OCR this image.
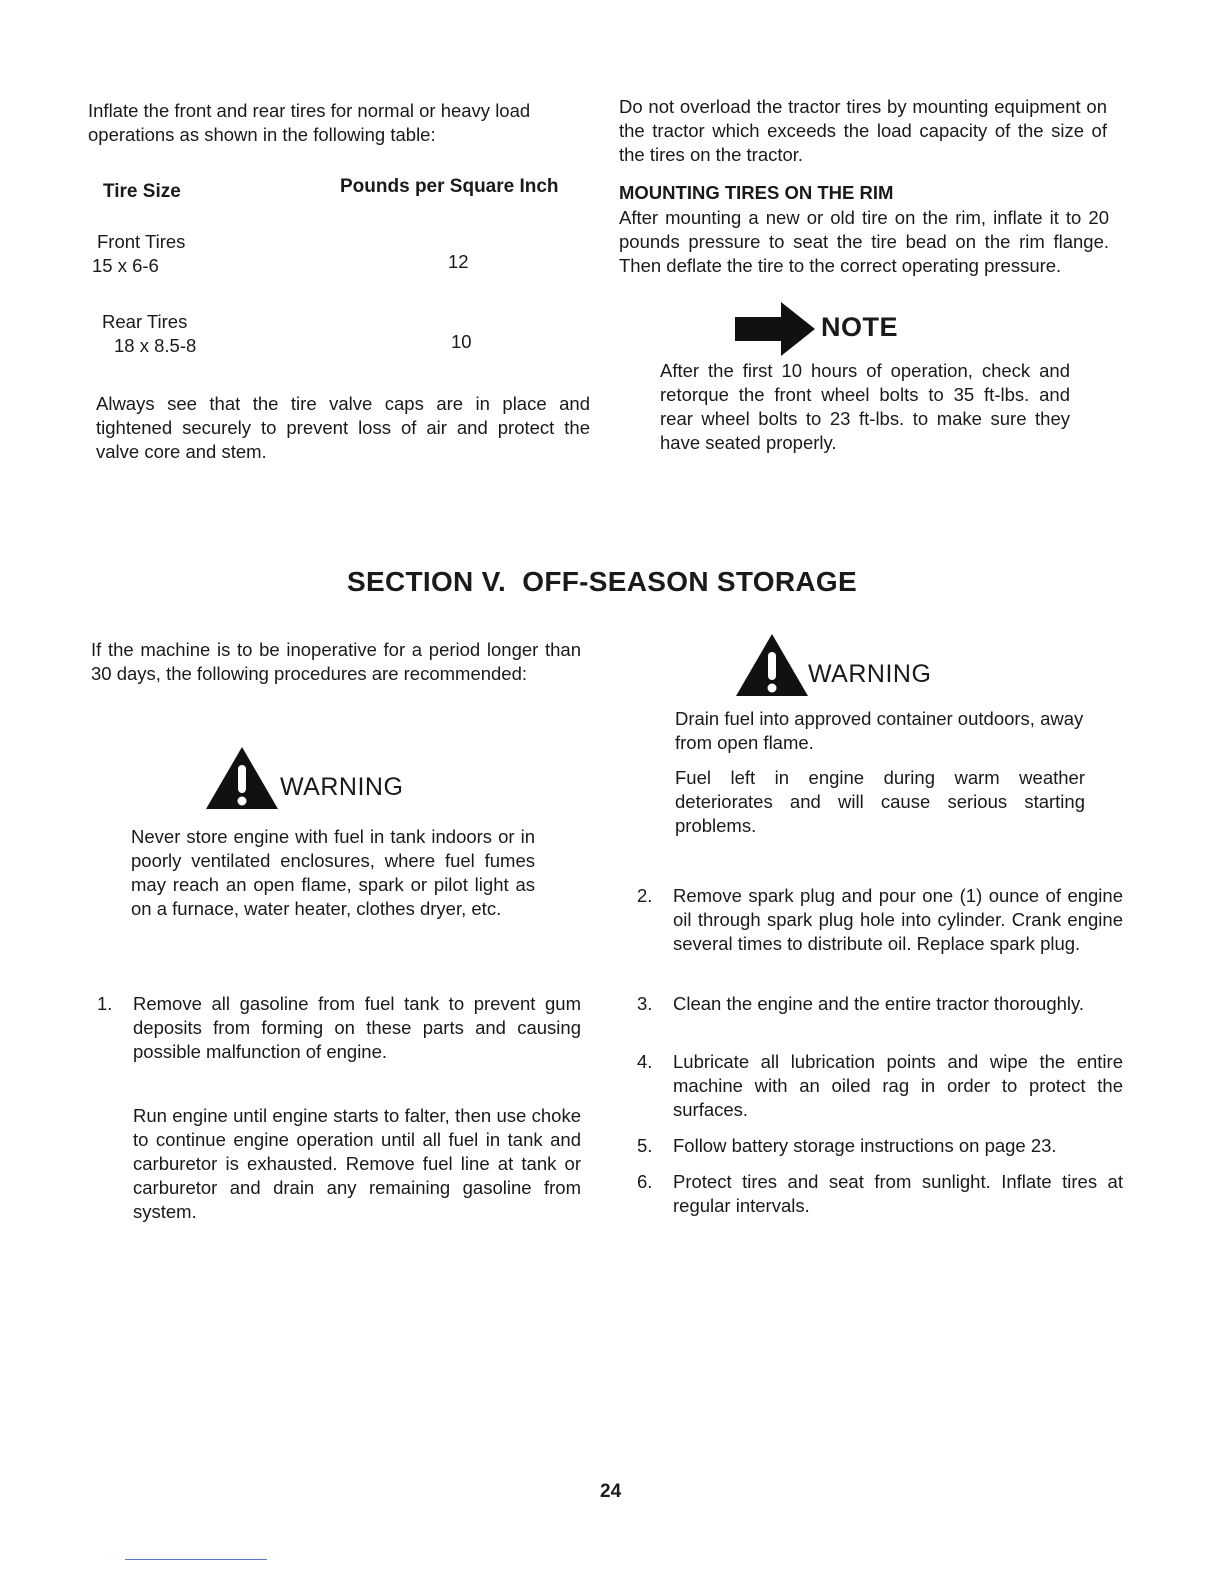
Inflate the front and rear tires for normal or heavy load operations as shown in the following table:

Tire Size	Pounds per Square Inch
Front Tires
15 x 6-6	12
Rear Tires
18 x 8.5-8	10

Always see that the tire valve caps are in place and tightened securely to prevent loss of air and protect the valve core and stem.

Do not overload the tractor tires by mounting equipment on the tractor which exceeds the load capacity of the size of the tires on the tractor.

MOUNTING TIRES ON THE RIM

After mounting a new or old tire on the rim, inflate it to 20 pounds pressure to seat the tire bead on the rim flange. Then deflate the tire to the correct operating pressure.

NOTE

After the first 10 hours of operation, check and retorque the front wheel bolts to 35 ft-lbs. and rear wheel bolts to 23 ft-lbs. to make sure they have seated properly.

SECTION V.  OFF-SEASON STORAGE

If the machine is to be inoperative for a period longer than 30 days, the following procedures are recommended:

WARNING

Never store engine with fuel in tank indoors or in poorly ventilated enclosures, where fuel fumes may reach an open flame, spark or pilot light as on a furnace, water heater, clothes dryer, etc.

1. Remove all gasoline from fuel tank to prevent gum deposits from forming on these parts and causing possible malfunction of engine.

Run engine until engine starts to falter, then use choke to continue engine operation until all fuel in tank and carburetor is exhausted. Remove fuel line at tank or carburetor and drain any remaining gasoline from system.

WARNING

Drain fuel into approved container outdoors, away from open flame.

Fuel left in engine during warm weather deteriorates and will cause serious starting problems.

2. Remove spark plug and pour one (1) ounce of engine oil through spark plug hole into cylinder. Crank engine several times to distribute oil. Replace spark plug.

3. Clean the engine and the entire tractor thoroughly.

4. Lubricate all lubrication points and wipe the entire machine with an oiled rag in order to protect the surfaces.

5. Follow battery storage instructions on page 23.

6. Protect tires and seat from sunlight. Inflate tires at regular intervals.

24
